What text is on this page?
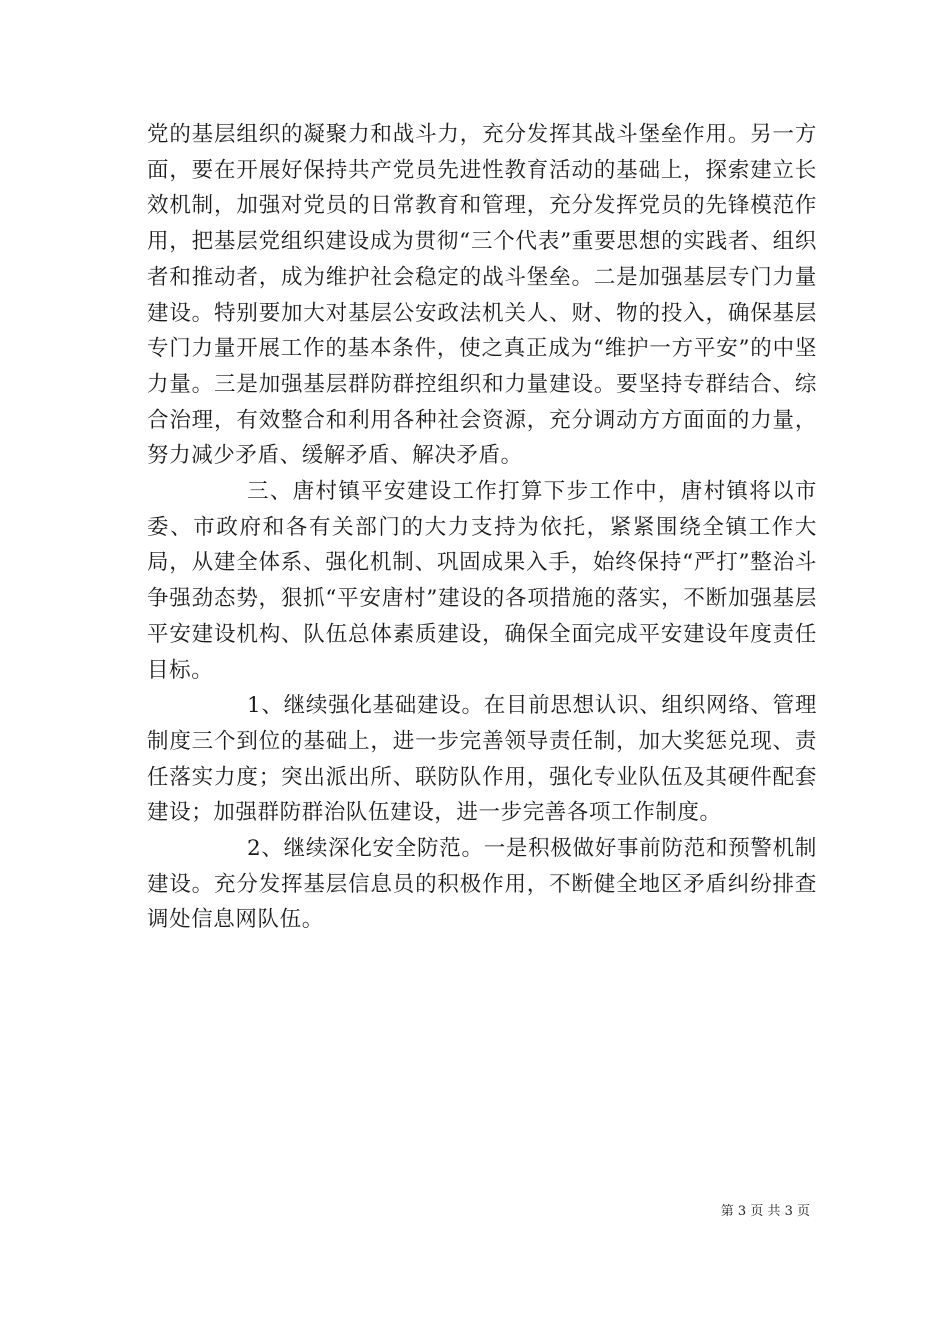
党的基层组织的凝聚力和战斗力，充分发挥其战斗堡垒作用。另一方面，要在开展好保持共产党员先进性教育活动的基础上，探索建立长效机制，加强对党员的日常教育和管理，充分发挥党员的先锋模范作用，把基层党组织建设成为贯彻“三个代表”重要思想的实践者、组织者和推动者，成为维护社会稳定的战斗堡垒。二是加强基层专门力量建设。特别要加大对基层公安政法机关人、财、物的投入，确保基层专门力量开展工作的基本条件，使之真正成为“维护一方平安”的中坚力量。三是加强基层群防群控组织和力量建设。要坚持专群结合、综合治理，有效整合和利用各种社会资源，充分调动方方面面的力量，努力减少矛盾、缓解矛盾、解决矛盾。

三、唐村镇平安建设工作打算下步工作中，唐村镇将以市委、市政府和各有关部门的大力支持为依托，紧紧围绕全镇工作大局，从建全体系、强化机制、巩固成果入手，始终保持“严打”整治斗争强劲态势，狠抓“平安唐村”建设的各项措施的落实，不断加强基层平安建设机构、队伍总体素质建设，确保全面完成平安建设年度责任目标。

1、继续强化基础建设。在目前思想认识、组织网络、管理制度三个到位的基础上，进一步完善领导责任制，加大奖惩兑现、责任落实力度；突出派出所、联防队作用，强化专业队伍及其硬件配套建设；加强群防群治队伍建设，进一步完善各项工作制度。

2、继续深化安全防范。一是积极做好事前防范和预警机制建设。充分发挥基层信息员的积极作用，不断健全地区矛盾纠纷排查调处信息网队伍。

第 3 页 共 3 页
